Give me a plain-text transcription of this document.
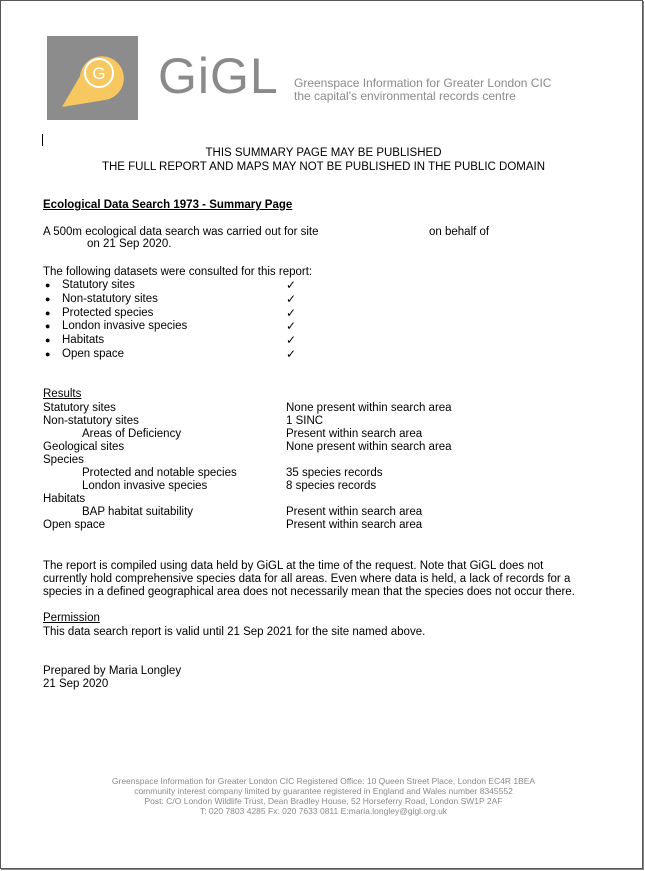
G GiGL Greenspace Information for Greater London CIC
the capital's environmental records centre
THIS SUMMARY PAGE MAY BE PUBLISHED
THE FULL REPORT AND MAPS MAY NOT BE PUBLISHED IN THE PUBLIC DOMAIN
Ecological Data Search 1973 - Summary Page
A 500m ecological data search was carried out for site	on behalf of
on 21 Sep 2020.
The following datasets were consulted for this report:
● Statutory sites	✓
● Non-statutory sites	✓
● Protected species	✓
● London invasive species	✓
● Habitats	✓
● Open space	✓
Results
Statutory sites	None present within search area
Non-statutory sites	1 SINC
Areas of Deficiency	Present within search area
Geological sites	None present within search area
Species
Protected and notable species	35 species records
London invasive species	8 species records
Habitats
BAP habitat suitability	Present within search area
Open space	Present within search area
The report is compiled using data held by GiGL at the time of the request. Note that GiGL does not
currently hold comprehensive species data for all areas. Even where data is held, a lack of records for a
species in a defined geographical area does not necessarily mean that the species does not occur there.
Permission
This data search report is valid until 21 Sep 2021 for the site named above.
Prepared by Maria Longley
21 Sep 2020
Greenspace Information for Greater London CIC Registered Office: 10 Queen Street Place, London EC4R 1BEA
community interest company limited by guarantee registered in England and Wales number 8345552
Post: C/O London Wildlife Trust, Dean Bradley House, 52 Horseferry Road, London SW1P 2AF
T: 020 7803 4285 Fx: 020 7633 0811 E:maria.longley@gigl.org.uk
